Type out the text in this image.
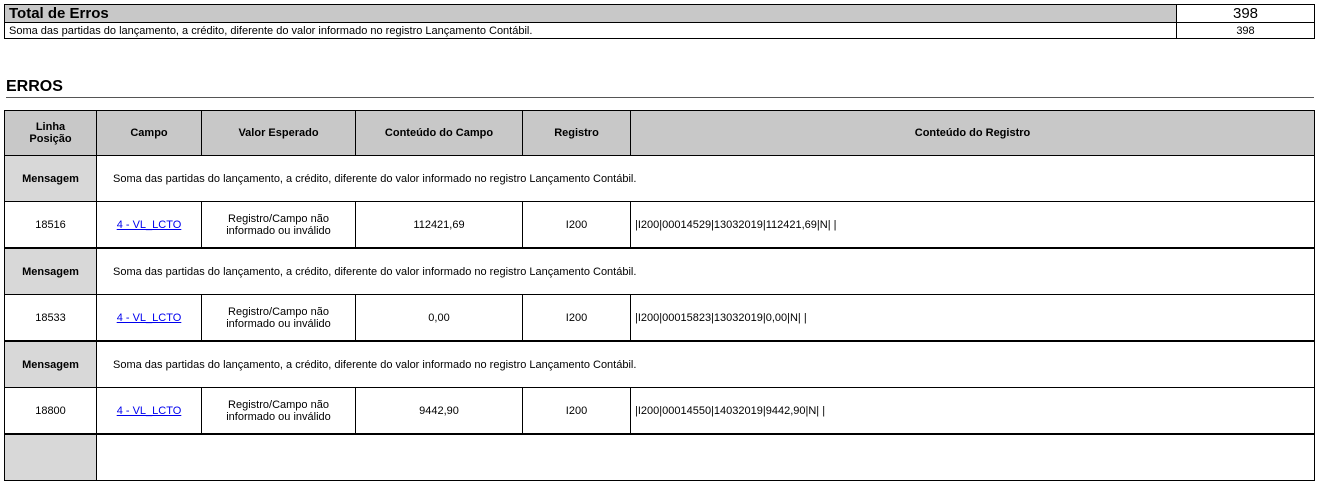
Total de Erros	398
Soma das partidas do lançamento, a crédito, diferente do valor informado no registro Lançamento Contábil.	398
ERROS
Linha
Posição	Campo	Valor Esperado	Conteúdo do Campo	Registro	Conteúdo do Registro
Mensagem	Soma das partidas do lançamento, a crédito, diferente do valor informado no registro Lançamento Contábil.				
18516	4 - VL_LCTO	Registro/Campo não
informado ou inválido	112421,69	I200	|I200|00014529|13032019|112421,69|N| |
Mensagem	Soma das partidas do lançamento, a crédito, diferente do valor informado no registro Lançamento Contábil.				
18533	4 - VL_LCTO	Registro/Campo não
informado ou inválido	0,00	I200	|I200|00015823|13032019|0,00|N| |
Mensagem	Soma das partidas do lançamento, a crédito, diferente do valor informado no registro Lançamento Contábil.				
18800	4 - VL_LCTO	Registro/Campo não
informado ou inválido	9442,90	I200	|I200|00014550|14032019|9442,90|N| |
